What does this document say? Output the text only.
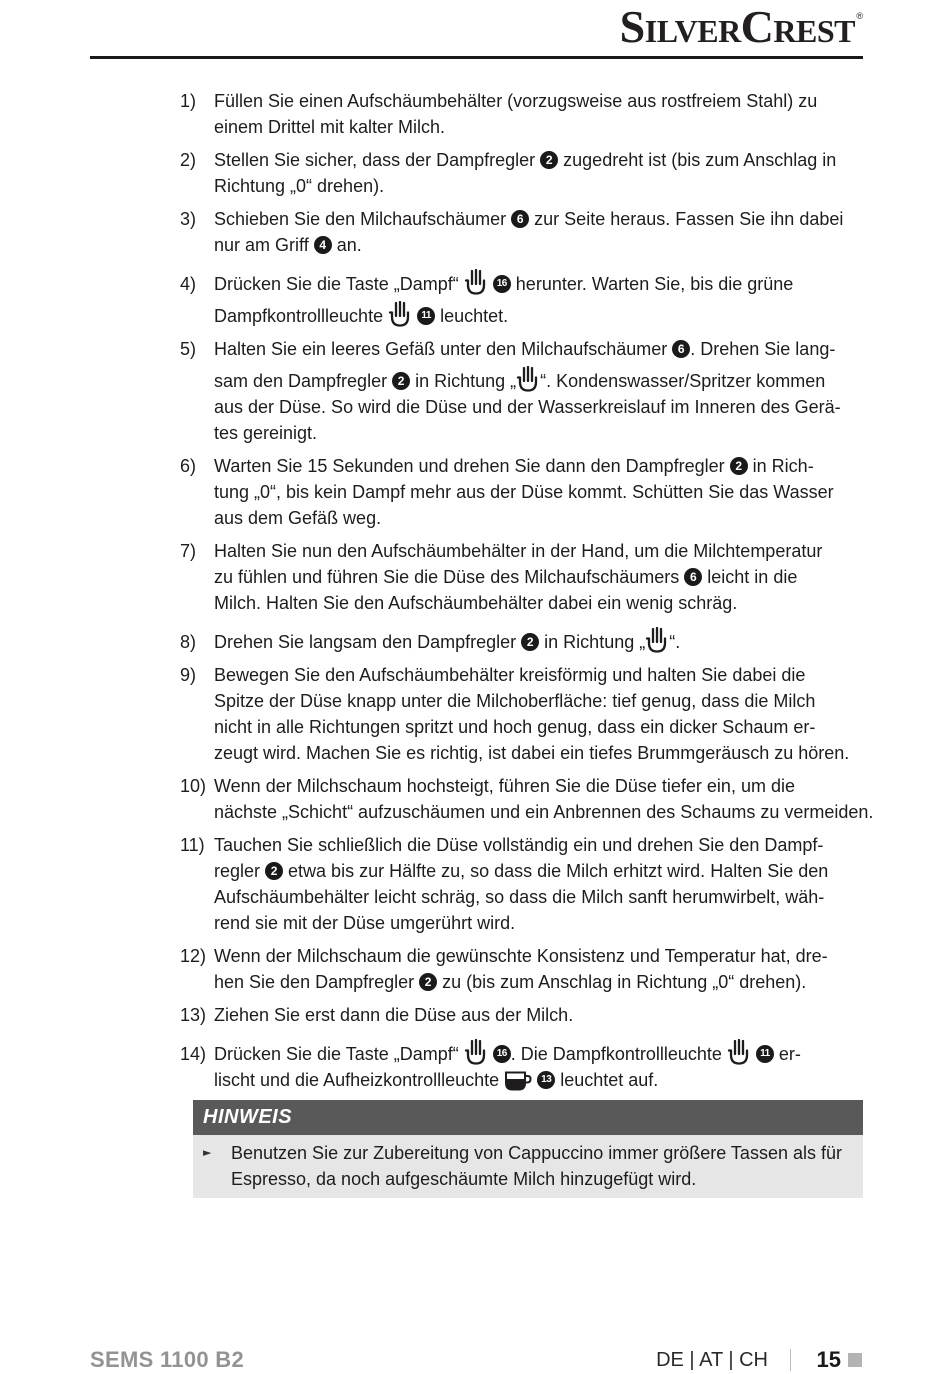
SilverCrest ®
1) Füllen Sie einen Aufschäumbehälter (vorzugsweise aus rostfreiem Stahl) zu
einem Drittel mit kalter Milch.
2) Stellen Sie sicher, dass der Dampfregler 2 zugedreht ist (bis zum Anschlag in
Richtung „0“ drehen).
3) Schieben Sie den Milchaufschäumer 6 zur Seite heraus. Fassen Sie ihn dabei
nur am Griff 4 an.
4) Drücken Sie die Taste „Dampf“	16 herunter. Warten Sie, bis die grüne
Dampfkontrollleuchte	11 leuchtet.
5) Halten Sie ein leeres Gefäß unter den Milchaufschäumer 6 . Drehen Sie lang-
sam den Dampfregler 2 in Richtung „ “. Kondenswasser/Spritzer kommen
aus der Düse. So wird die Düse und der Wasserkreislauf im Inneren des Gerä-
tes gereinigt.
6) Warten Sie 15 Sekunden und drehen Sie dann den Dampfregler 2 in Rich-
tung „0“, bis kein Dampf mehr aus der Düse kommt. Schütten Sie das Wasser
aus dem Gefäß weg.
7) Halten Sie nun den Aufschäumbehälter in der Hand, um die Milchtemperatur
zu fühlen und führen Sie die Düse des Milchaufschäumers 6 leicht in die
Milch. Halten Sie den Aufschäumbehälter dabei ein wenig schräg.
8) Drehen Sie langsam den Dampfregler 2 in Richtung „ “.
9) Bewegen Sie den Aufschäumbehälter kreisförmig und halten Sie dabei die
Spitze der Düse knapp unter die Milchoberfläche: tief genug, dass die Milch
nicht in alle Richtungen spritzt und hoch genug, dass ein dicker Schaum er-
zeugt wird. Machen Sie es richtig, ist dabei ein tiefes Brummgeräusch zu hören.
10) Wenn der Milchschaum hochsteigt, führen Sie die Düse tiefer ein, um die
nächste „Schicht“ aufzuschäumen und ein Anbrennen des Schaums zu vermeiden.
11) Tauchen Sie schließlich die Düse vollständig ein und drehen Sie den Dampf-
regler 2 etwa bis zur Hälfte zu, so dass die Milch erhitzt wird. Halten Sie den
Aufschäumbehälter leicht schräg, so dass die Milch sanft herumwirbelt, wäh-
rend sie mit der Düse umgerührt wird.
12) Wenn der Milchschaum die gewünschte Konsistenz und Temperatur hat, dre-
hen Sie den Dampfregler 2 zu (bis zum Anschlag in Richtung „0“ drehen).
13) Ziehen Sie erst dann die Düse aus der Milch.
14) Drücken Sie die Taste „Dampf“	16 . Die Dampfkontrollleuchte	11 er-
lischt und die Aufheizkontrollleuchte	13 leuchtet auf.
HINWEIS
► Benutzen Sie zur Zubereitung von Cappuccino immer größere Tassen als für
Espresso, da noch aufgeschäumte Milch hinzugefügt wird.
SEMS 1100 B2	DE | AT | CH 15
